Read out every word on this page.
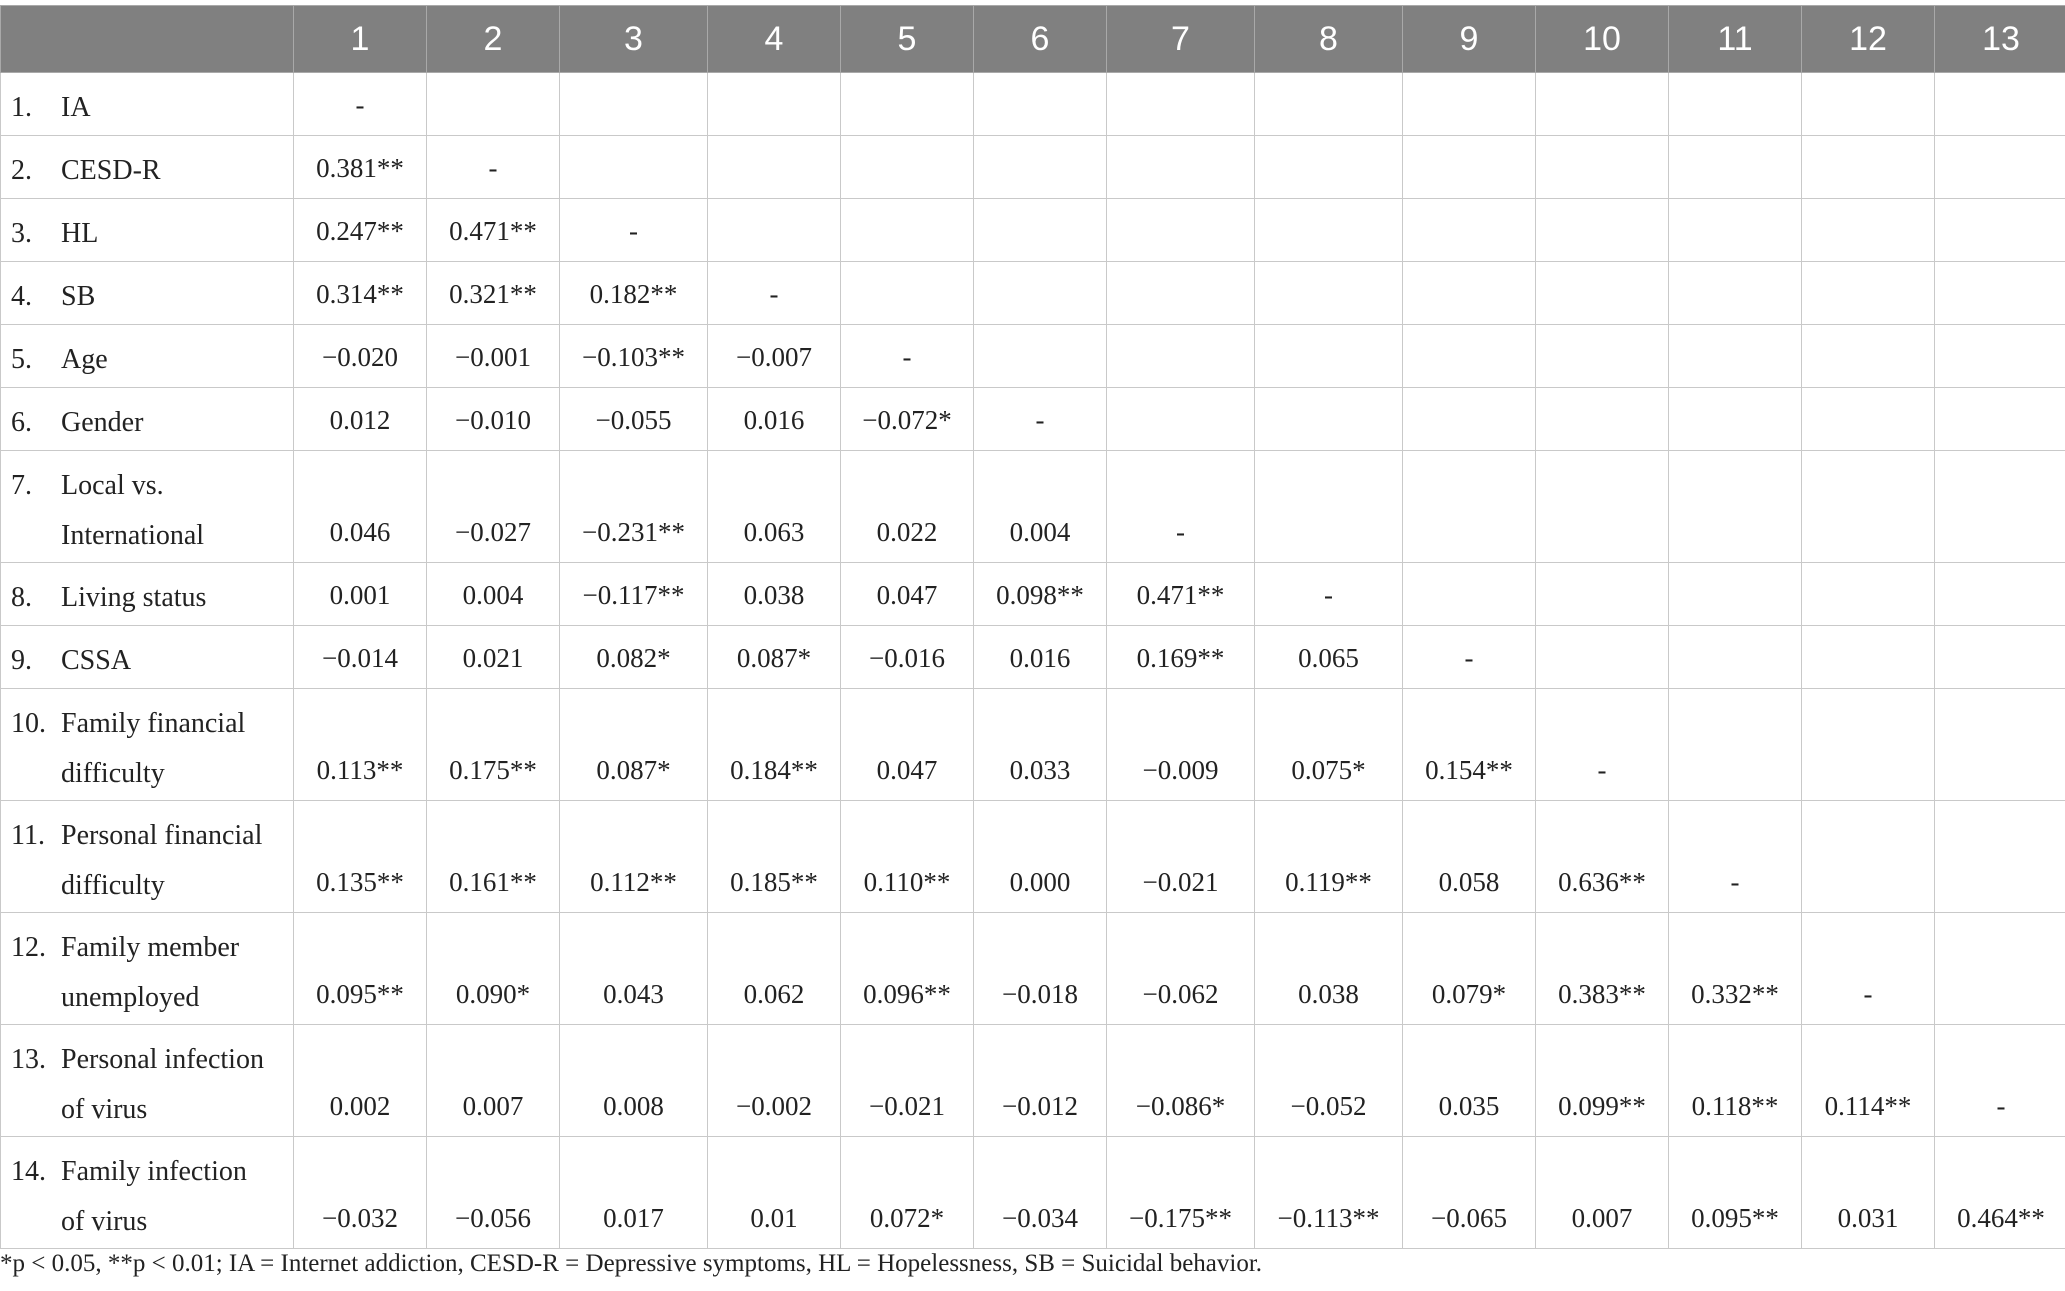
	1	2	3	4	5	6	7	8	9	10	11	12	13
1. IA	-												
2. CESD-R	0.381**	-											
3. HL	0.247**	0.471**	-										
4. SB	0.314**	0.321**	0.182**	-									
5. Age	−0.020	−0.001	−0.103**	−0.007	-								
6. Gender	0.012	−0.010	−0.055	0.016	−0.072*	-							
7. Local vs.
International	0.046	−0.027	−0.231**	0.063	0.022	0.004	-						
8. Living status	0.001	0.004	−0.117**	0.038	0.047	0.098**	0.471**	-					
9. CSSA	−0.014	0.021	0.082*	0.087*	−0.016	0.016	0.169**	0.065	-				
10. Family financial
difficulty	0.113**	0.175**	0.087*	0.184**	0.047	0.033	−0.009	0.075*	0.154**	-			
11. Personal financial
difficulty	0.135**	0.161**	0.112**	0.185**	0.110**	0.000	−0.021	0.119**	0.058	0.636**	-		
12. Family member
unemployed	0.095**	0.090*	0.043	0.062	0.096**	−0.018	−0.062	0.038	0.079*	0.383**	0.332**	-	
13. Personal infection
of virus	0.002	0.007	0.008	−0.002	−0.021	−0.012	−0.086*	−0.052	0.035	0.099**	0.118**	0.114**	-
14. Family infection
of virus	−0.032	−0.056	0.017	0.01	0.072*	−0.034	−0.175**	−0.113**	−0.065	0.007	0.095**	0.031	0.464**
*p < 0.05, **p < 0.01; IA = Internet addiction, CESD-R = Depressive symptoms, HL = Hopelessness, SB = Suicidal behavior.
